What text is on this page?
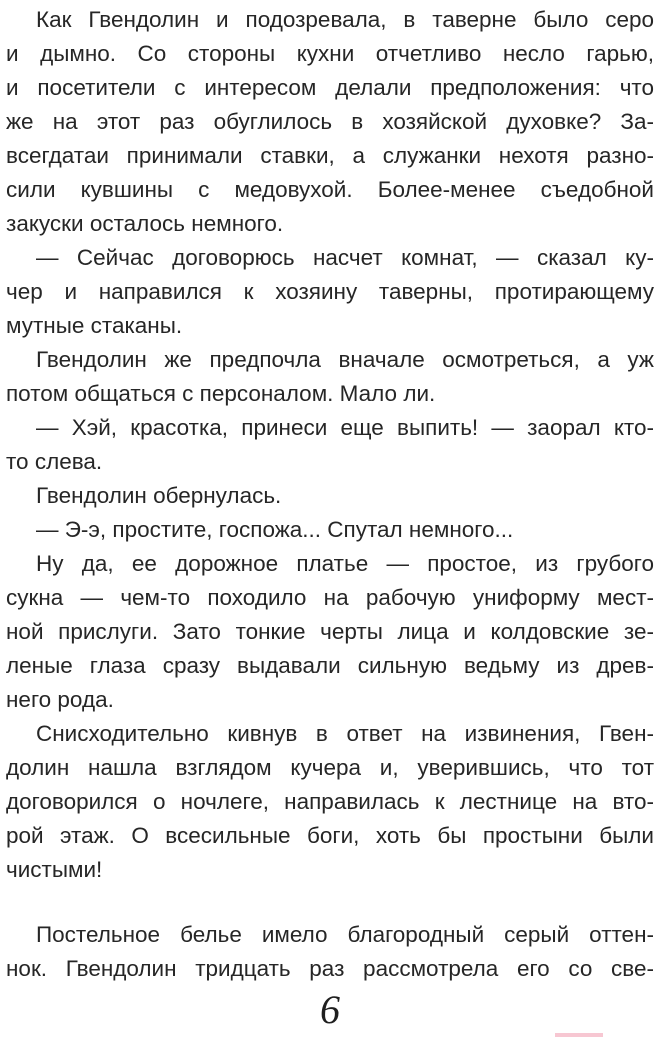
Как Гвендолин и подозревала, в таверне было серо
и дымно. Со стороны кухни отчетливо несло гарью,
и посетители с интересом делали предположения: что
же на этот раз обуглилось в хозяйской духовке? За-
всегдатаи принимали ставки, а служанки нехотя разно-
сили кувшины с медовухой. Более-менее съедобной
закуски осталось немного.
— Сейчас договорюсь насчет комнат, — сказал ку-
чер и направился к хозяину таверны, протирающему
мутные стаканы.
Гвендолин же предпочла вначале осмотреться, а уж
потом общаться с персоналом. Мало ли.
— Хэй, красотка, принеси еще выпить! — заорал кто-
то слева.
Гвендолин обернулась.
— Э-э, простите, госпожа... Спутал немного...
Ну да, ее дорожное платье — простое, из грубого
сукна — чем-то походило на рабочую униформу мест-
ной прислуги. Зато тонкие черты лица и колдовские зе-
леные глаза сразу выдавали сильную ведьму из древ-
него рода.
Снисходительно кивнув в ответ на извинения, Гвен-
долин нашла взглядом кучера и, уверившись, что тот
договорился о ночлеге, направилась к лестнице на вто-
рой этаж. О всесильные боги, хоть бы простыни были
чистыми!
Постельное белье имело благородный серый оттен-
нок. Гвендолин тридцать раз рассмотрела его со све-
6
